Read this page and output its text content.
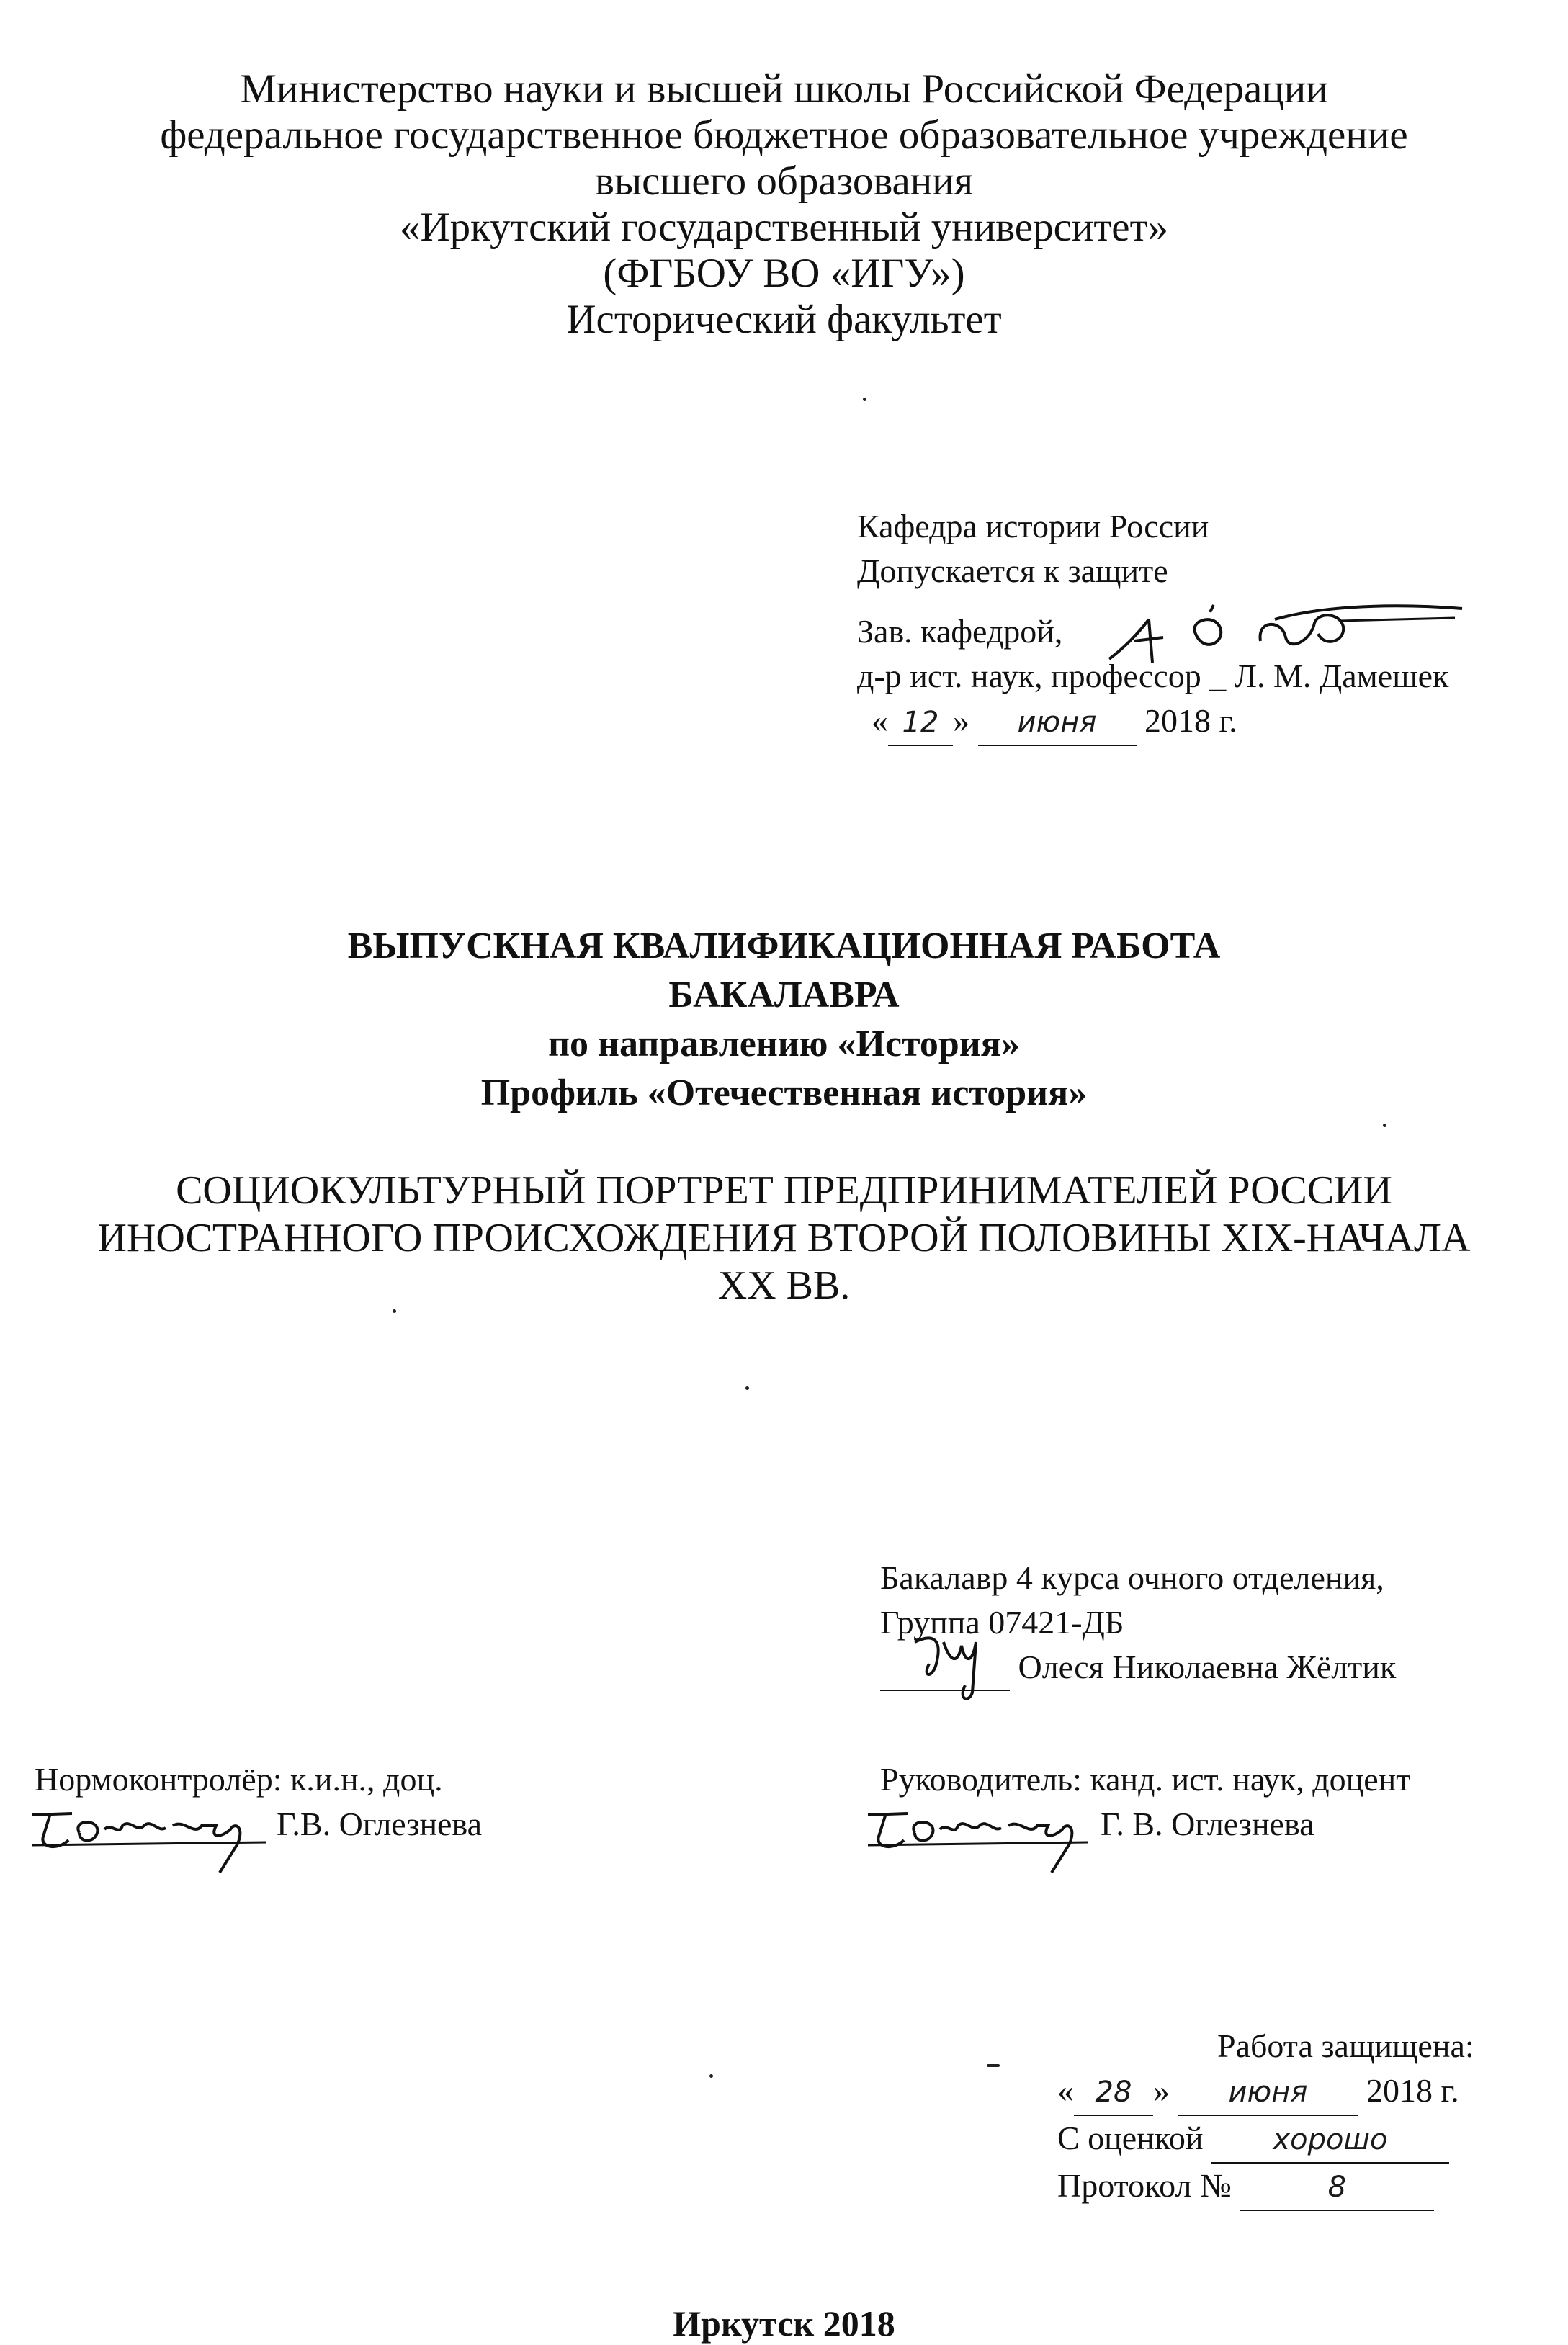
Министерство науки и высшей школы Российской Федерации
федеральное государственное бюджетное образовательное учреждение
высшего образования
«Иркутский государственный университет»
(ФГБОУ ВО «ИГУ»)
Исторический факультет
Кафедра истории России
Допускается к защите
Зав. кафедрой,
д-р ист. наук, профессор _ Л. М. Дамешек
« 12 » июня 2018 г.
ВЫПУСКНАЯ КВАЛИФИКАЦИОННАЯ РАБОТА
БАКАЛАВРА
по направлению «История»
Профиль «Отечественная история»
СОЦИОКУЛЬТУРНЫЙ ПОРТРЕТ ПРЕДПРИНИМАТЕЛЕЙ РОССИИ
ИНОСТРАННОГО ПРОИСХОЖДЕНИЯ ВТОРОЙ ПОЛОВИНЫ XIX-НАЧАЛА
XX ВВ.
Бакалавр 4 курса очного отделения,
Группа 07421-ДБ
Олеся Николаевна Жёлтик
Нормоконтролёр: к.и.н., доц.
Г.В. Оглезнева
Руководитель: канд. ист. наук, доцент
Г. В. Оглезнева
Работа защищена:
« 28 » июня 2018 г.
С оценкой хорошо
Протокол №	8
Иркутск 2018
